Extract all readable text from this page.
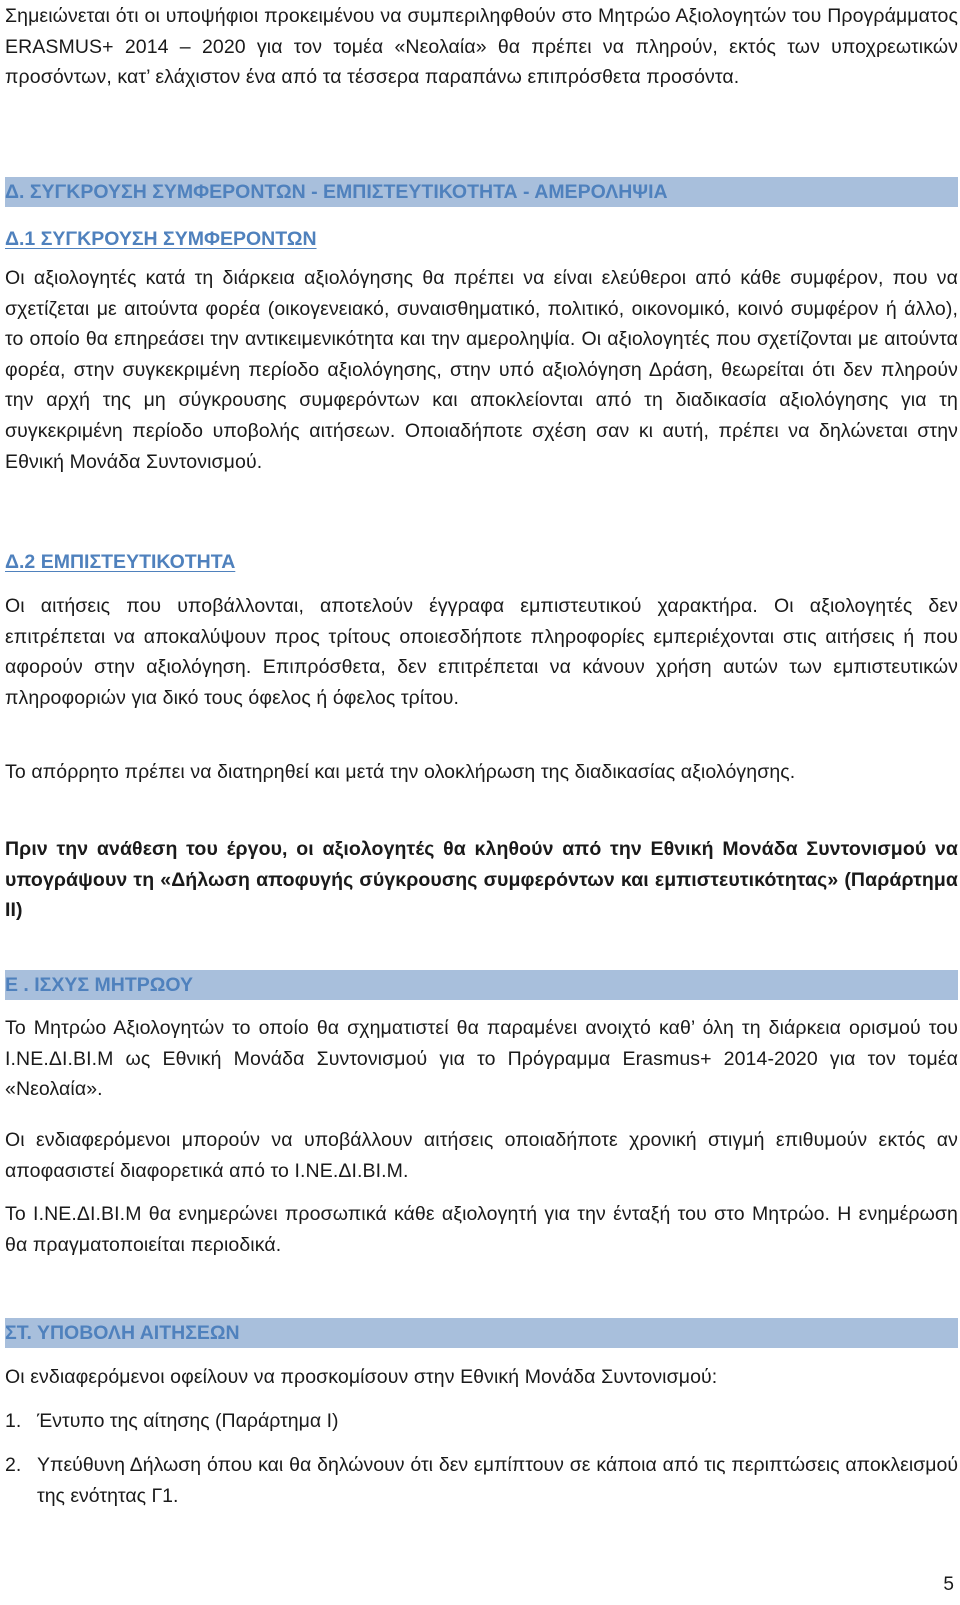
Σημειώνεται ότι οι υποψήφιοι προκειμένου να συμπεριληφθούν στο Μητρώο Αξιολογητών του Προγράμματος ERASMUS+ 2014 – 2020 για τον τομέα «Νεολαία» θα πρέπει να πληρούν, εκτός των υποχρεωτικών προσόντων, κατ’ ελάχιστον ένα από τα τέσσερα παραπάνω επιπρόσθετα προσόντα.

Δ. ΣΥΓΚΡΟΥΣΗ ΣΥΜΦΕΡΟΝΤΩΝ - ΕΜΠΙΣΤΕΥΤΙΚΟΤΗΤΑ - ΑΜΕΡΟΛΗΨΙΑ
Δ.1 ΣΥΓΚΡΟΥΣΗ ΣΥΜΦΕΡΟΝΤΩΝ

Οι αξιολογητές κατά τη διάρκεια αξιολόγησης θα πρέπει να είναι ελεύθεροι από κάθε συμφέρον, που να σχετίζεται με αιτούντα φορέα (οικογενειακό, συναισθηματικό, πολιτικό, οικονομικό, κοινό συμφέρον ή άλλο), το οποίο θα επηρεάσει την αντικειμενικότητα και την αμεροληψία. Οι αξιολογητές που σχετίζονται με αιτούντα φορέα, στην συγκεκριμένη περίοδο αξιολόγησης, στην υπό αξιολόγηση Δράση, θεωρείται ότι δεν πληρούν την αρχή της μη σύγκρουσης συμφερόντων και αποκλείονται από τη διαδικασία αξιολόγησης για τη συγκεκριμένη περίοδο υποβολής αιτήσεων. Οποιαδήποτε σχέση σαν κι αυτή, πρέπει να δηλώνεται στην Εθνική Μονάδα Συντονισμού.

Δ.2 ΕΜΠΙΣΤΕΥΤΙΚΟΤΗΤΑ

Οι αιτήσεις που υποβάλλονται, αποτελούν έγγραφα εμπιστευτικού χαρακτήρα. Οι αξιολογητές δεν επιτρέπεται να αποκαλύψουν προς τρίτους οποιεσδήποτε πληροφορίες εμπεριέχονται στις αιτήσεις ή που αφορούν στην αξιολόγηση. Επιπρόσθετα, δεν επιτρέπεται να κάνουν χρήση αυτών των εμπιστευτικών πληροφοριών για δικό τους όφελος ή όφελος τρίτου.

Το απόρρητο πρέπει να διατηρηθεί και μετά την ολοκλήρωση της διαδικασίας αξιολόγησης.

Πριν την ανάθεση του έργου, οι αξιολογητές θα κληθούν από την Εθνική Μονάδα Συντονισμού να υπογράψουν τη «Δήλωση αποφυγής σύγκρουσης συμφερόντων και εμπιστευτικότητας» (Παράρτημα ΙΙ)

Ε . ΙΣΧΥΣ ΜΗΤΡΩΟΥ

Το Μητρώο Αξιολογητών το οποίο θα σχηματιστεί θα παραμένει ανοιχτό καθ’ όλη τη διάρκεια ορισμού του Ι.ΝΕ.ΔΙ.ΒΙ.Μ ως Εθνική Μονάδα Συντονισμού για το Πρόγραμμα Erasmus+ 2014-2020 για τον τομέα «Νεολαία».

Οι ενδιαφερόμενοι μπορούν να υποβάλλουν αιτήσεις οποιαδήποτε χρονική στιγμή επιθυμούν εκτός αν αποφασιστεί διαφορετικά από το Ι.ΝΕ.ΔΙ.ΒΙ.Μ.

Το Ι.ΝΕ.ΔΙ.ΒΙ.Μ θα ενημερώνει προσωπικά κάθε αξιολογητή για την ένταξή του στο Μητρώο. Η ενημέρωση θα πραγματοποιείται περιοδικά.

ΣΤ. ΥΠΟΒΟΛΗ ΑΙΤΗΣΕΩΝ

Οι ενδιαφερόμενοι οφείλουν να προσκομίσουν στην Εθνική Μονάδα Συντονισμού:

1. Έντυπο της αίτησης (Παράρτημα Ι)
2. Υπεύθυνη Δήλωση όπου και θα δηλώνουν ότι δεν εμπίπτουν σε κάποια από τις περιπτώσεις αποκλεισμού της ενότητας Γ1.
5
